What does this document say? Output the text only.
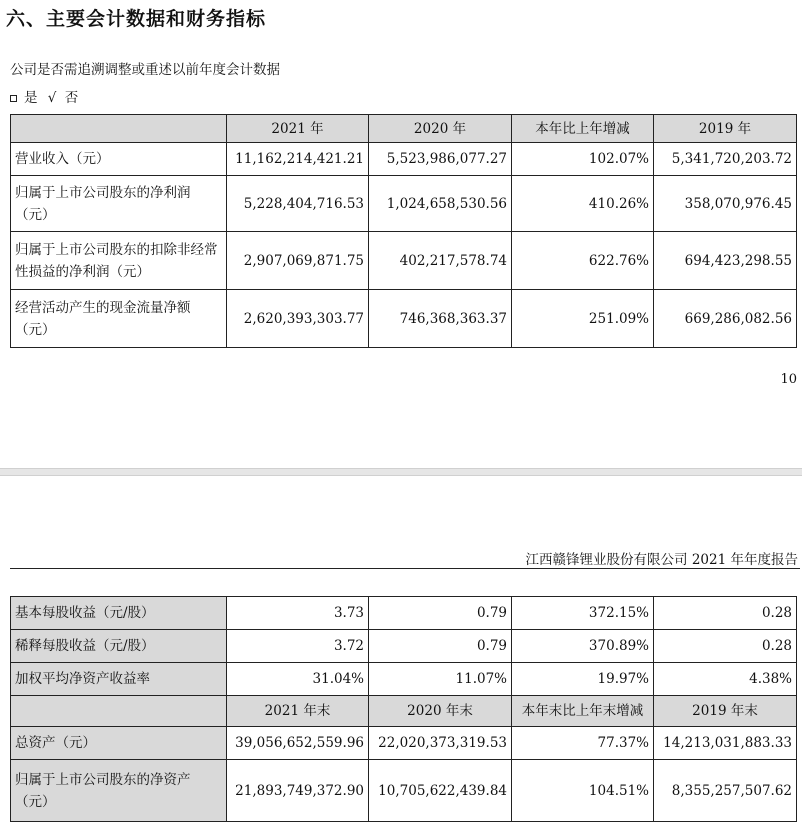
六、主要会计数据和财务指标
公司是否需追溯调整或重述以前年度会计数据
是 √ 否
	2021 年	2020 年	本年比上年增减	2019 年
营业收入（元）	11,162,214,421.21	5,523,986,077.27	102.07%	5,341,720,203.72
归属于上市公司股东的净利润（元）	5,228,404,716.53	1,024,658,530.56	410.26%	358,070,976.45
归属于上市公司股东的扣除非经常性损益的净利润（元）	2,907,069,871.75	402,217,578.74	622.76%	694,423,298.55
经营活动产生的现金流量净额（元）	2,620,393,303.77	746,368,363.37	251.09%	669,286,082.56
10
江西赣锋锂业股份有限公司 2021 年年度报告
基本每股收益（元/股）	3.73	0.79	372.15%	0.28
稀释每股收益（元/股）	3.72	0.79	370.89%	0.28
加权平均净资产收益率	31.04%	11.07%	19.97%	4.38%
	2021 年末	2020 年末	本年末比上年末增减	2019 年末
总资产（元）	39,056,652,559.96	22,020,373,319.53	77.37%	14,213,031,883.33
归属于上市公司股东的净资产（元）	21,893,749,372.90	10,705,622,439.84	104.51%	8,355,257,507.62
